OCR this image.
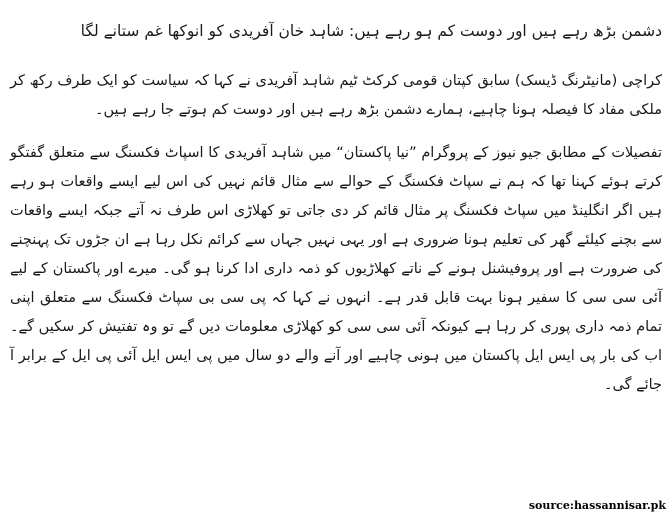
دشمن بڑھ رہے ہیں اور دوست کم ہو رہے ہیں: شاہد خان آفریدی کو انوکھا غم ستانے لگا

کراچی (مانیٹرنگ ڈیسک) سابق کپتان قومی کرکٹ ٹیم شاہد آفریدی نے کہا کہ سیاست کو ایک طرف رکھ کر ملکی مفاد کا فیصلہ ہونا چاہیے، ہمارے دشمن بڑھ رہے ہیں اور دوست کم ہوتے جا رہے ہیں۔

تفصیلات کے مطابق جیو نیوز کے پروگرام ”نیا پاکستان“ میں شاہد آفریدی کا اسپاٹ فکسنگ سے متعلق گفتگو کرتے ہوئے کہنا تھا کہ ہم نے سپاٹ فکسنگ کے حوالے سے مثال قائم نہیں کی اس لیے ایسے واقعات ہو رہے ہیں اگر انگلینڈ میں سپاٹ فکسنگ پر مثال قائم کر دی جاتی تو کھلاڑی اس طرف نہ آتے جبکہ ایسے واقعات سے بچنے کیلئے گھر کی تعلیم ہونا ضروری ہے اور یہی نہیں جہاں سے کرائم نکل رہا ہے ان جڑوں تک پہنچنے کی ضرورت ہے اور پروفیشنل ہونے کے ناتے کھلاڑیوں کو ذمہ داری ادا کرنا ہو گی۔ میرے اور پاکستان کے لیے آئی سی سی کا سفیر ہونا بہت قابل قدر ہے۔ انہوں نے کہا کہ پی سی بی سپاٹ فکسنگ سے متعلق اپنی تمام ذمہ داری پوری کر رہا ہے کیونکہ آئی سی سی کو کھلاڑی معلومات دیں گے تو وہ تفتیش کر سکیں گے۔ اب کی بار پی ایس ایل پاکستان میں ہونی چاہیے اور آنے والے دو سال میں پی ایس ایل آئی پی ایل کے برابر آ جائے گی۔

source:hassannisar.pk
